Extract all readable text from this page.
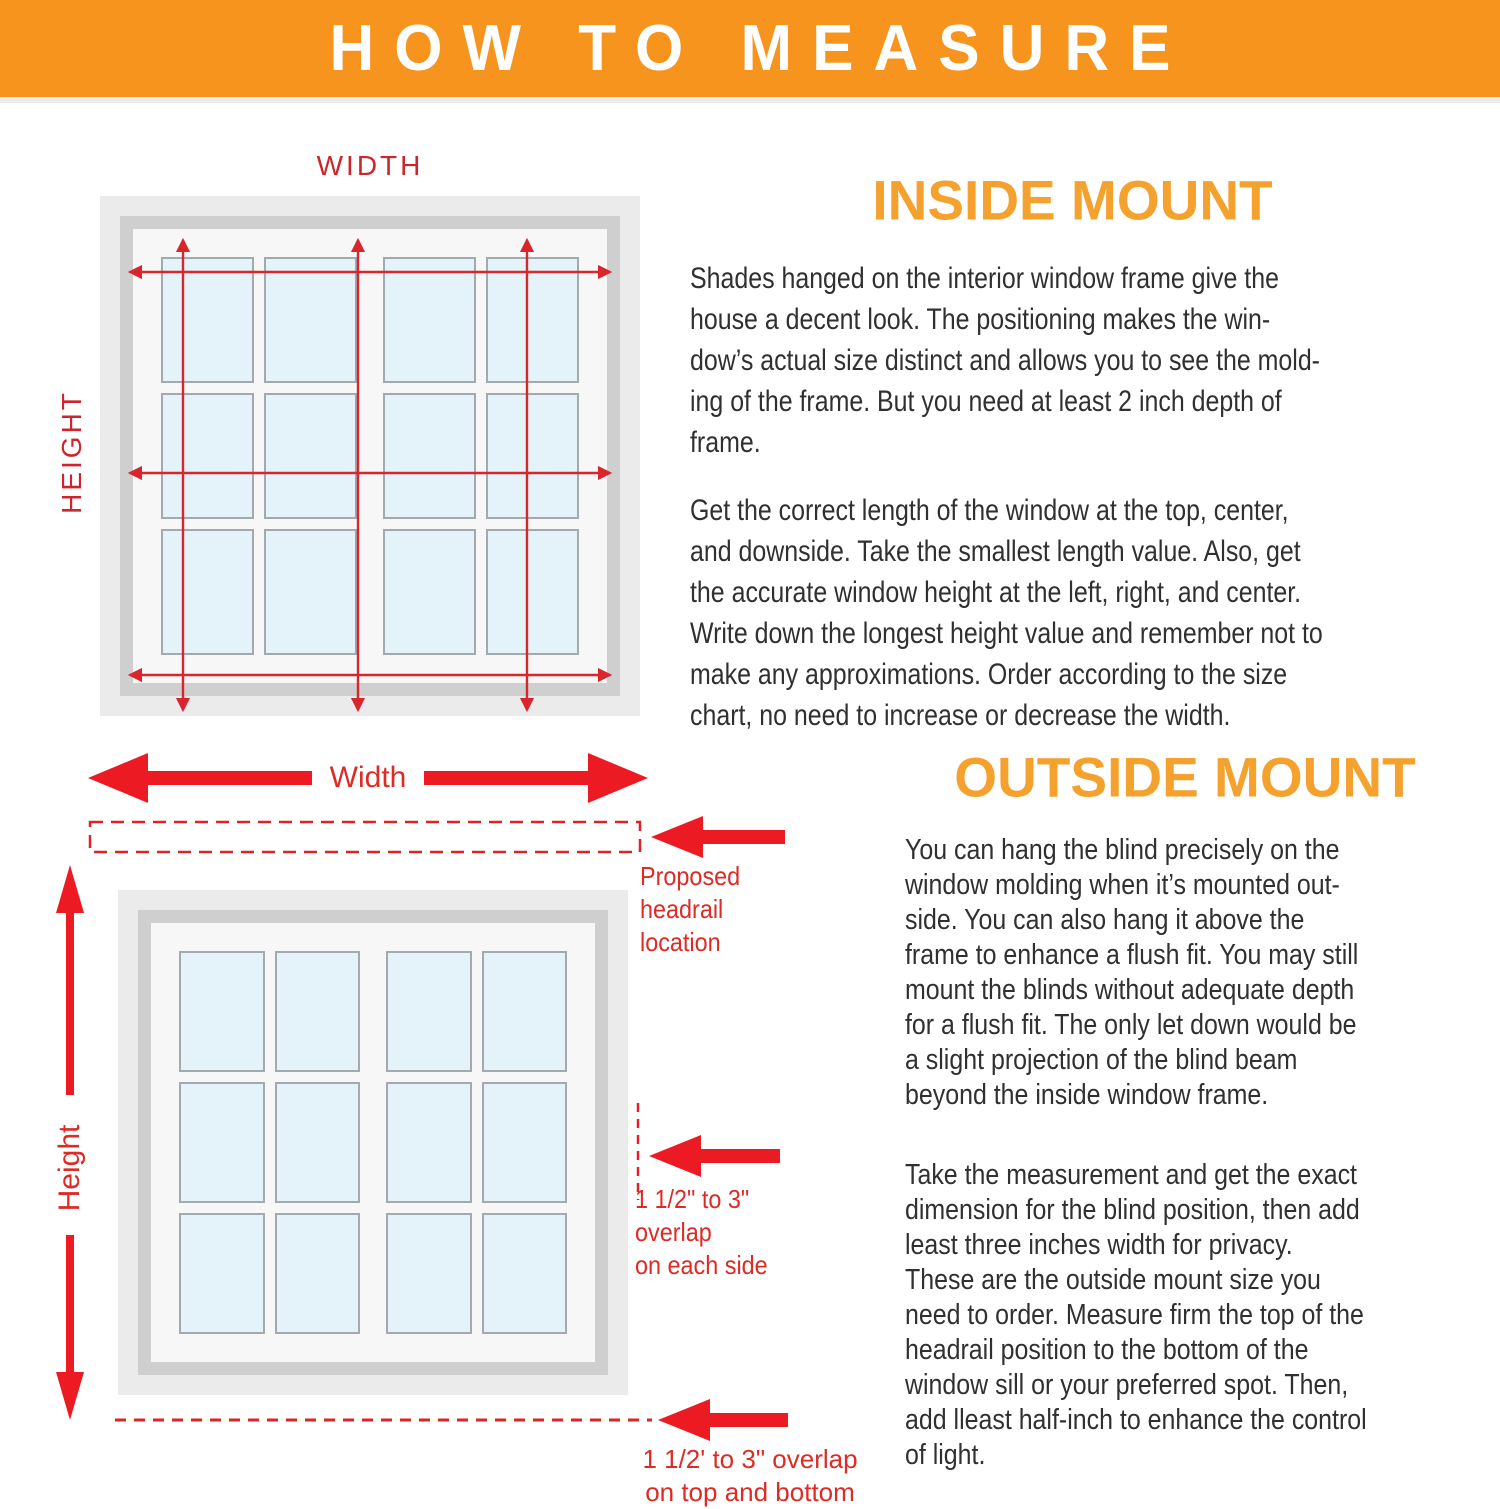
HOW TO MEASURE
WIDTH
HEIGHT
Width
Height
Proposed headrail
location
1 1/2" to 3" overlap
on each side
1 1/2' to 3" overlap
on top and bottom
INSIDE MOUNT

Shades hanged on the interior window frame give the
house a decent look. The positioning makes the win-
dow’s actual size distinct and allows you to see the mold-
ing of the frame. But you need at least 2 inch depth of
frame.

Get the correct length of the window at the top, center,
and downside. Take the smallest length value. Also, get
the accurate window height at the left, right, and center.
Write down the longest height value and remember not to
make any approximations. Order according to the size
chart, no need to increase or decrease the width.

OUTSIDE MOUNT

You can hang the blind precisely on the
window molding when it’s mounted out-
side. You can also hang it above the
frame to enhance a flush fit. You may still
mount the blinds without adequate depth
for a flush fit. The only let down would be
a slight projection of the blind beam
beyond the inside window frame.

Take the measurement and get the exact
dimension for the blind position, then add
least three inches width for privacy.
These are the outside mount size you
need to order. Measure firm the top of the
headrail position to the bottom of the
window sill or your preferred spot. Then,
add lleast half-inch to enhance the control
of light.
